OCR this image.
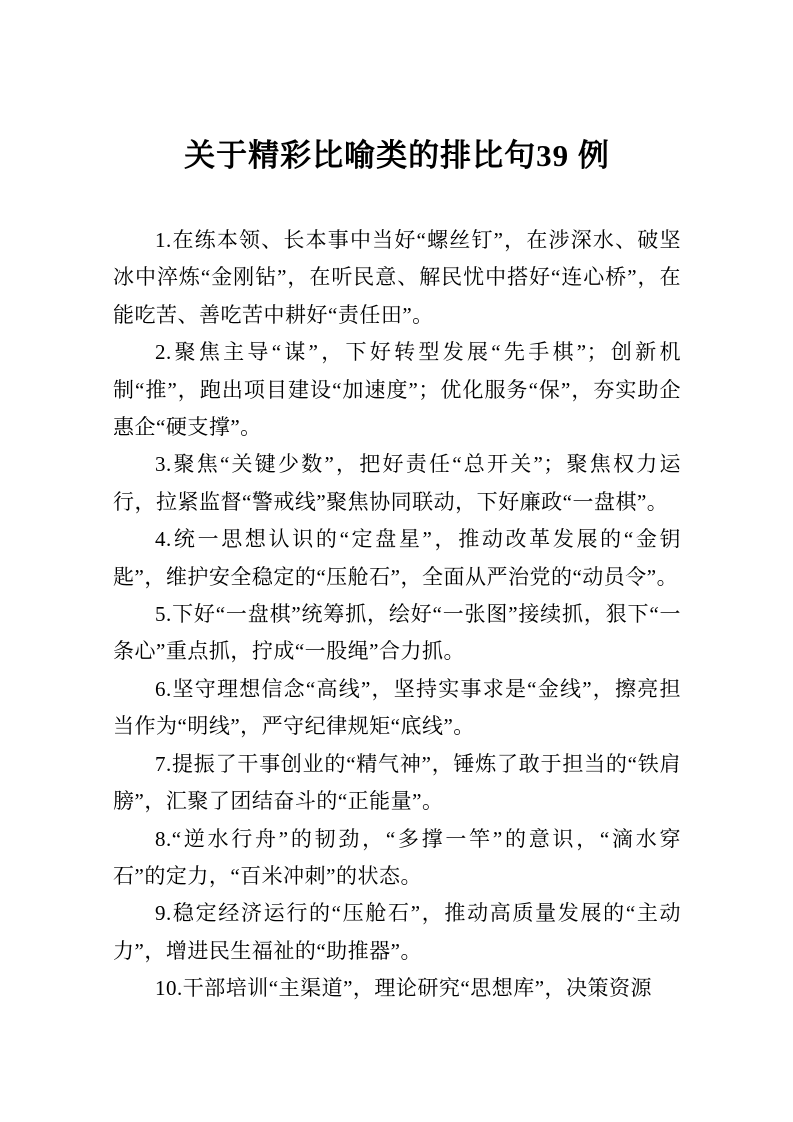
关于精彩比喻类的排比句39 例

1.在练本领、长本事中当好“螺丝钉”，在涉深水、破坚冰中淬炼“金刚钻”，在听民意、解民忧中搭好“连心桥”，在能吃苦、善吃苦中耕好“责任田”。

2.聚焦主导“谋”，下好转型发展“先手棋”；创新机制“推”，跑出项目建设“加速度”；优化服务“保”，夯实助企惠企“硬支撑”。

3.聚焦“关键少数”，把好责任“总开关”；聚焦权力运行，拉紧监督“警戒线”聚焦协同联动，下好廉政“一盘棋”。

4.统一思想认识的“定盘星”，推动改革发展的“金钥匙”，维护安全稳定的“压舱石”，全面从严治党的“动员令”。

5.下好“一盘棋”统筹抓，绘好“一张图”接续抓，狠下“一条心”重点抓，拧成“一股绳”合力抓。

6.坚守理想信念“高线”，坚持实事求是“金线”，擦亮担当作为“明线”，严守纪律规矩“底线”。

7.提振了干事创业的“精气神”，锤炼了敢于担当的“铁肩膀”，汇聚了团结奋斗的“正能量”。

8.“逆水行舟”的韧劲，“多撑一竿”的意识，“滴水穿石”的定力，“百米冲刺”的状态。

9.稳定经济运行的“压舱石”，推动高质量发展的“主动力”，增进民生福祉的“助推器”。

10.干部培训“主渠道”，理论研究“思想库”，决策资源
